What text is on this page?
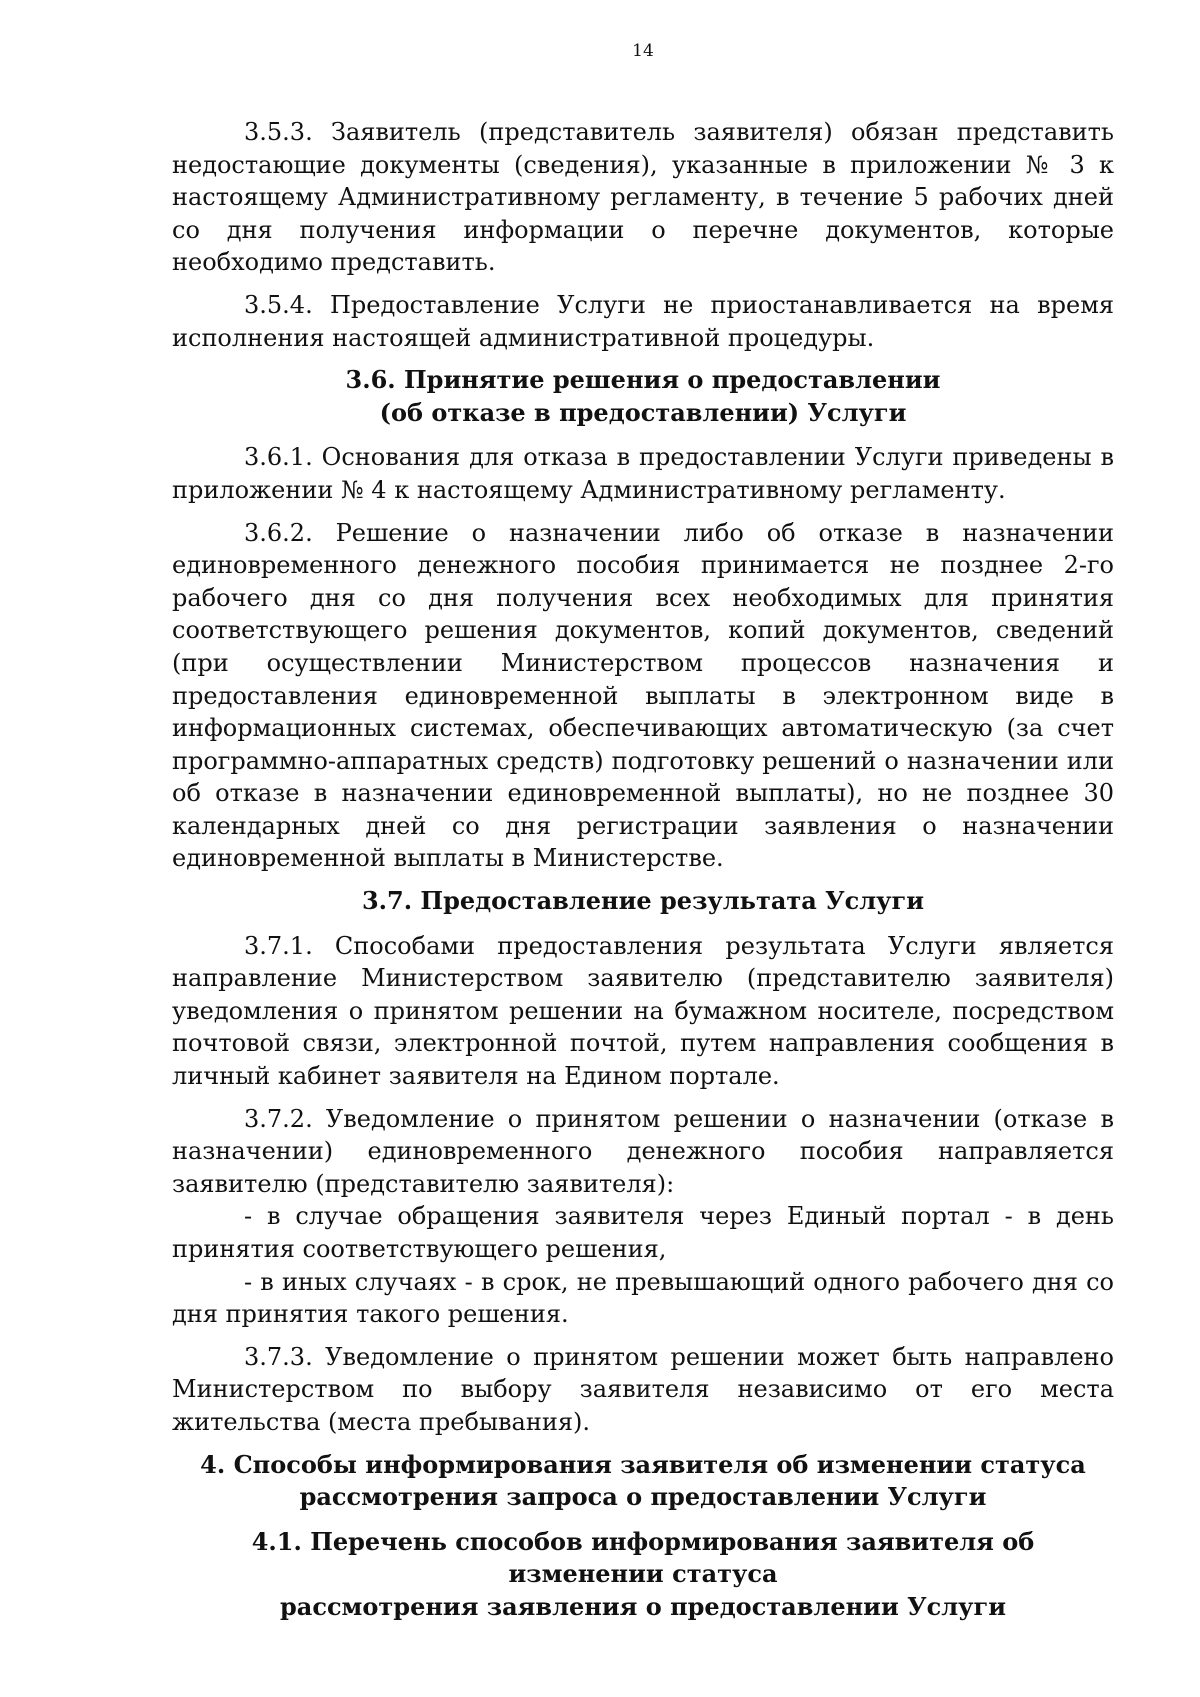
14

3.5.3. Заявитель (представитель заявителя) обязан представить недостающие документы (сведения), указанные в приложении № 3 к настоящему Административному регламенту, в течение 5 рабочих дней со дня получения информации о перечне документов, которые необходимо представить.

3.5.4. Предоставление Услуги не приостанавливается на время исполнения настоящей административной процедуры.

3.6. Принятие решения о предоставлении
(об отказе в предоставлении) Услуги

3.6.1. Основания для отказа в предоставлении Услуги приведены в приложении № 4 к настоящему Административному регламенту.

3.6.2. Решение о назначении либо об отказе в назначении единовременного денежного пособия принимается не позднее 2-го рабочего дня со дня получения всех необходимых для принятия соответствующего решения документов, копий документов, сведений (при осуществлении Министерством процессов назначения и предоставления единовременной выплаты в электронном виде в информационных системах, обеспечивающих автоматическую (за счет программно-аппаратных средств) подготовку решений о назначении или об отказе в назначении единовременной выплаты), но не позднее 30 календарных дней со дня регистрации заявления о назначении единовременной выплаты в Министерстве.

3.7. Предоставление результата Услуги

3.7.1. Способами предоставления результата Услуги является направление Министерством заявителю (представителю заявителя) уведомления о принятом решении на бумажном носителе, посредством почтовой связи, электронной почтой, путем направления сообщения в личный кабинет заявителя на Едином портале.

3.7.2. Уведомление о принятом решении о назначении (отказе в назначении) единовременного денежного пособия направляется заявителю (представителю заявителя):

- в случае обращения заявителя через Единый портал - в день принятия соответствующего решения,

- в иных случаях - в срок, не превышающий одного рабочего дня со дня принятия такого решения.

3.7.3. Уведомление о принятом решении может быть направлено Министерством по выбору заявителя независимо от его места жительства (места пребывания).

4. Способы информирования заявителя об изменении статуса
рассмотрения запроса о предоставлении Услуги
4.1. Перечень способов информирования заявителя об изменении статуса
рассмотрения заявления о предоставлении Услуги
